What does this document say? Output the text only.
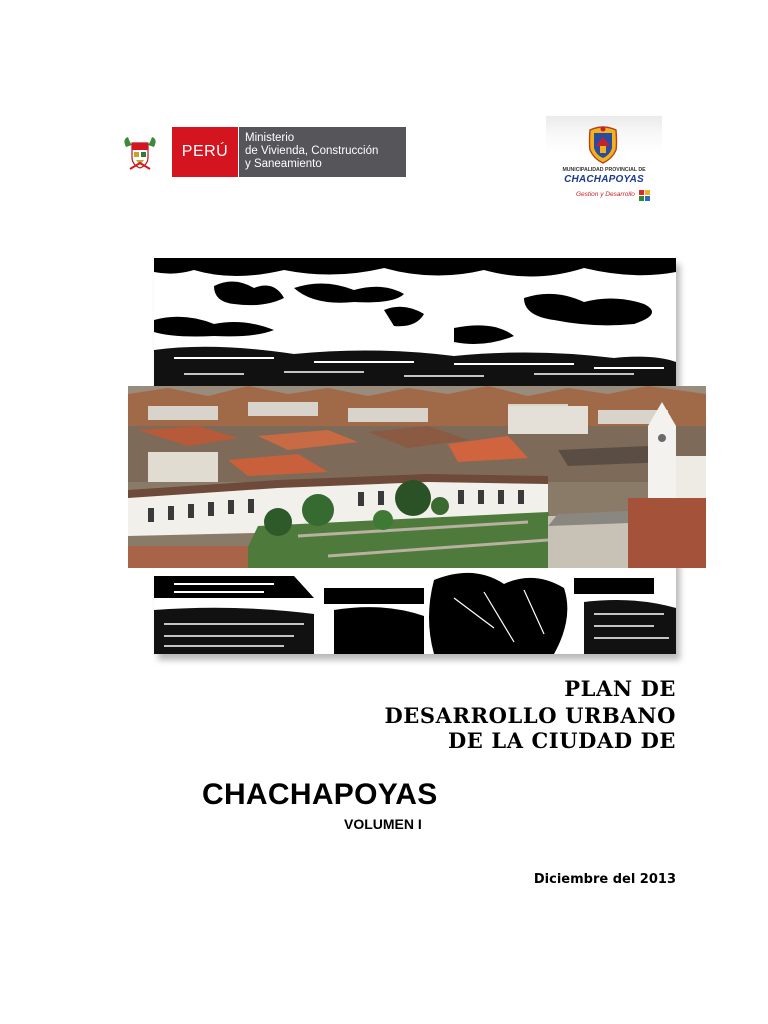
PERÚ
Ministerio
de Vivienda, Construcción
y Saneamiento	MUNICIPALIDAD PROVINCIAL DE
CHACHAPOYAS
Gestion y Desarrollo
PLAN DE
DESARROLLO URBANO
DE LA CIUDAD DE
CHACHAPOYAS
VOLUMEN I
Diciembre del 2013
